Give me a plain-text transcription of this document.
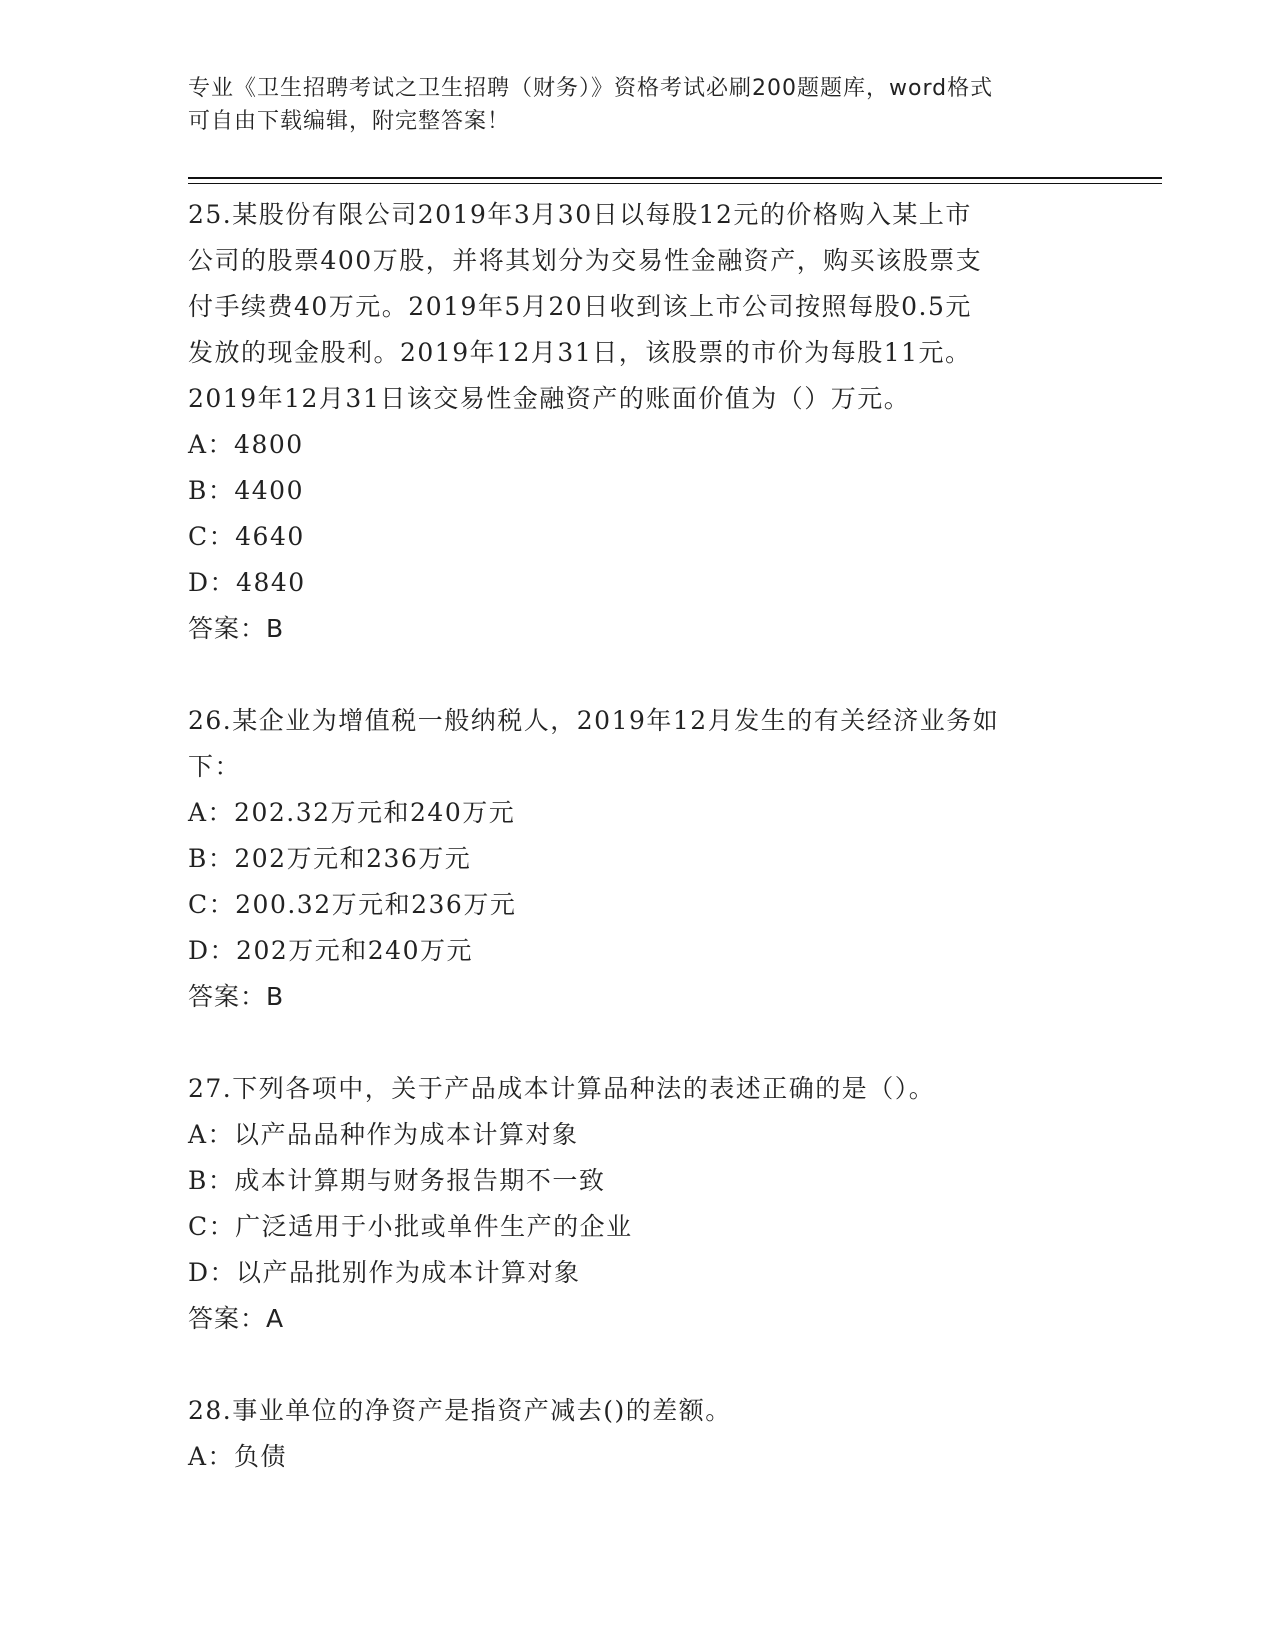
专业《卫生招聘考试之卫生招聘（财务）》资格考试必刷200题题库，word格式
可自由下载编辑，附完整答案！

25.某股份有限公司2019年3月30日以每股12元的价格购入某上市

公司的股票400万股，并将其划分为交易性金融资产，购买该股票支

付手续费40万元。2019年5月20日收到该上市公司按照每股0.5元

发放的现金股利。2019年12月31日，该股票的市价为每股11元。

2019年12月31日该交易性金融资产的账面价值为（）万元。

A：4800

B：4400

C：4640

D：4840

答案：B

26.某企业为增值税一般纳税人，2019年12月发生的有关经济业务如

下：

A：202.32万元和240万元

B：202万元和236万元

C：200.32万元和236万元

D：202万元和240万元

答案：B

27.下列各项中，关于产品成本计算品种法的表述正确的是（）。

A：以产品品种作为成本计算对象

B：成本计算期与财务报告期不一致

C：广泛适用于小批或单件生产的企业

D：以产品批别作为成本计算对象

答案：A

28.事业单位的净资产是指资产减去()的差额。

A：负债
